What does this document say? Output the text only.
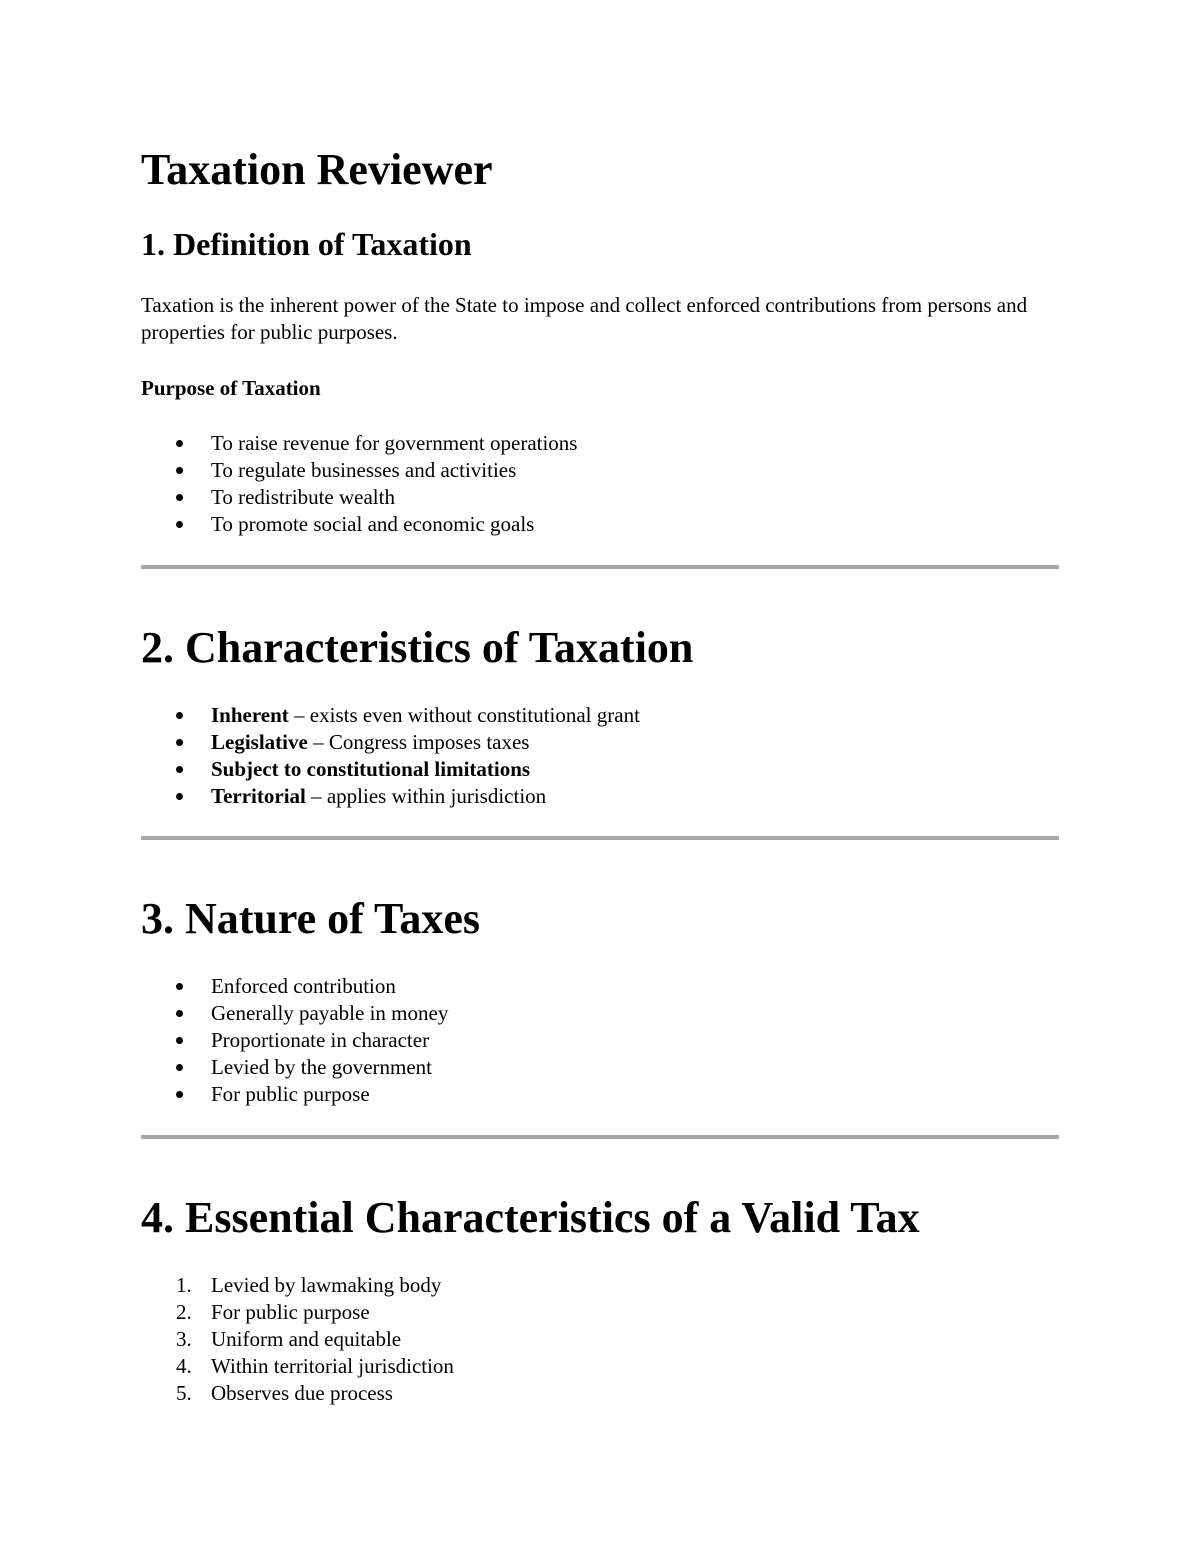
Taxation Reviewer
1. Definition of Taxation

Taxation is the inherent power of the State to impose and collect enforced contributions from persons and properties for public purposes.

Purpose of Taxation

To raise revenue for government operations
To regulate businesses and activities
To redistribute wealth
To promote social and economic goals
2. Characteristics of Taxation
Inherent – exists even without constitutional grant
Legislative – Congress imposes taxes
Subject to constitutional limitations
Territorial – applies within jurisdiction
3. Nature of Taxes
Enforced contribution
Generally payable in money
Proportionate in character
Levied by the government
For public purpose
4. Essential Characteristics of a Valid Tax
1. Levied by lawmaking body
2. For public purpose
3. Uniform and equitable
4. Within territorial jurisdiction
5. Observes due process
